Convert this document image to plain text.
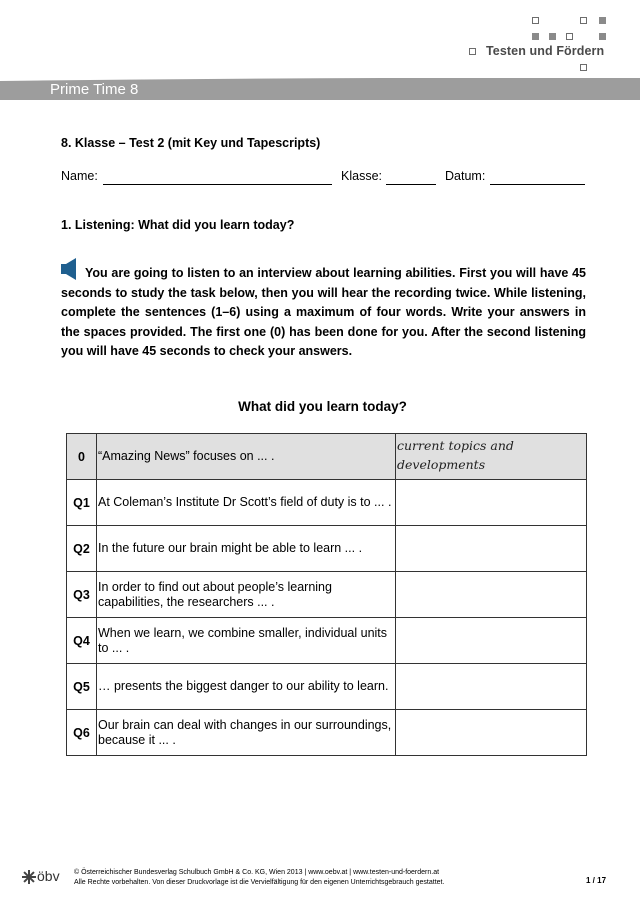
Testen und Fördern
Prime Time 8
8. Klasse – Test 2 (mit Key und Tapescripts)
Name:	Klasse:	Datum:
1. Listening: What did you learn today?

You are going to listen to an interview about learning abilities. First you will have 45 seconds to study the task below, then you will hear the recording twice. While listening, complete the sentences (1–6) using a maximum of four words. Write your answers in the spaces provided. The first one (0) has been done for you. After the second listening you will have 45 seconds to check your answers.

What did you learn today?
0	“Amazing News” focuses on ... .	current topics and developments
Q1	At Coleman’s Institute Dr Scott’s field of duty is to ... .	
Q2	In the future our brain might be able to learn ... .	
Q3	In order to find out about people’s learning capabilities, the researchers ... .	
Q4	When we learn, we combine smaller, individual units to ... .	
Q5	… presents the biggest danger to our ability to learn.	
Q6	Our brain can deal with changes in our surroundings, because it ... .	
öbv © Österreichischer Bundesverlag Schulbuch GmbH & Co. KG, Wien 2013 | www.oebv.at | www.testen-und-foerdern.at
Alle Rechte vorbehalten. Von dieser Druckvorlage ist die Vervielfältigung für den eigenen Unterrichtsgebrauch gestattet.	1 / 17
